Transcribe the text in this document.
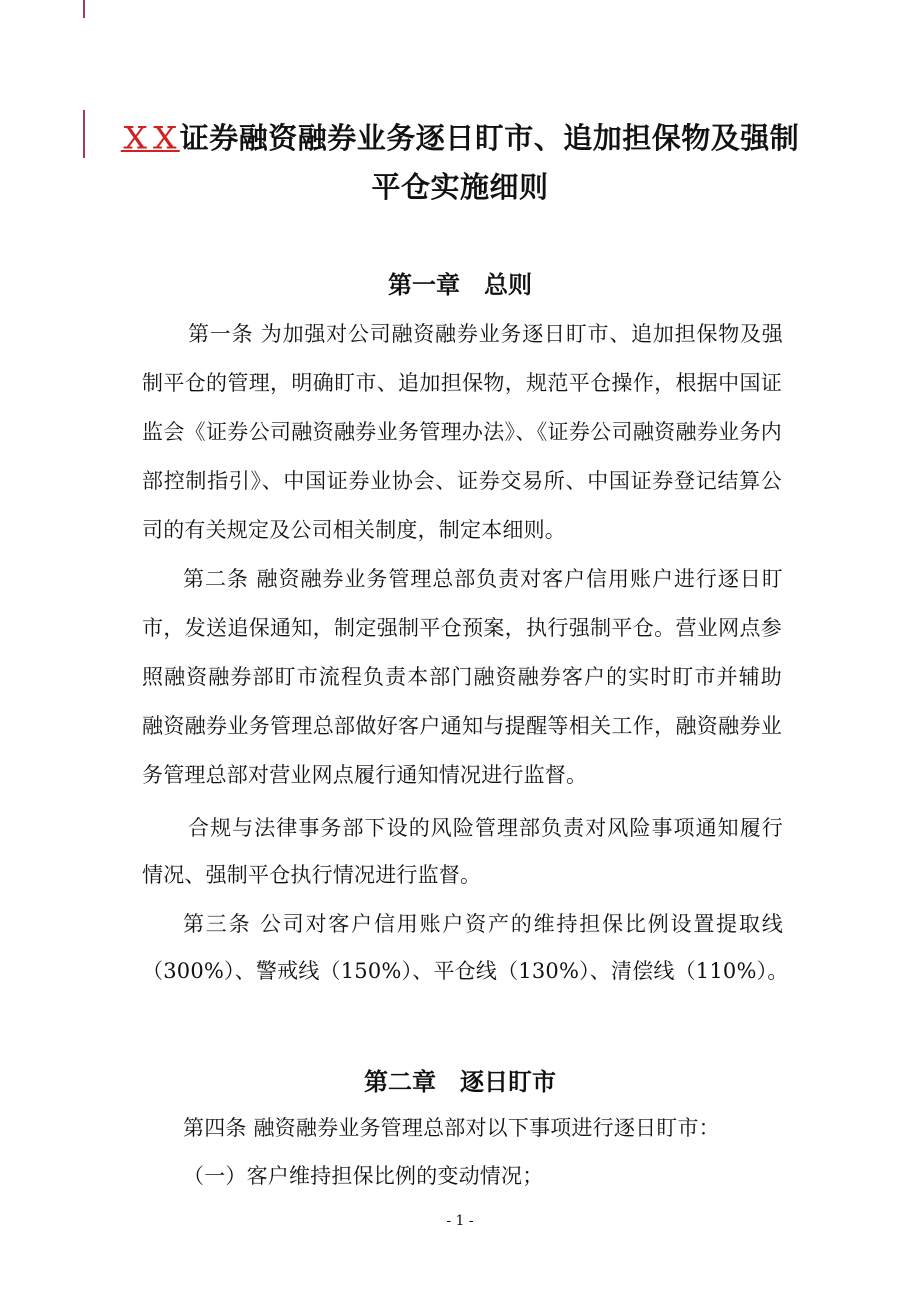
ＸＸ证券融资融券业务逐日盯市、追加担保物及强制
平仓实施细则
第一章　总则
第一条 为加强对公司融资融券业务逐日盯市、追加担保物及强
制平仓的管理，明确盯市、追加担保物，规范平仓操作，根据中国证
监会《证券公司融资融券业务管理办法》、《证券公司融资融券业务内
部控制指引》、中国证券业协会、证券交易所、中国证券登记结算公
司的有关规定及公司相关制度，制定本细则。
第二条 融资融券业务管理总部负责对客户信用账户进行逐日盯
市，发送追保通知，制定强制平仓预案，执行强制平仓。营业网点参
照融资融券部盯市流程负责本部门融资融券客户的实时盯市并辅助
融资融券业务管理总部做好客户通知与提醒等相关工作，融资融券业
务管理总部对营业网点履行通知情况进行监督。
合规与法律事务部下设的风险管理部负责对风险事项通知履行
情况、强制平仓执行情况进行监督。
第三条 公司对客户信用账户资产的维持担保比例设置提取线
（300%）、警戒线（150%）、平仓线（130%）、清偿线（110%）。
第二章　逐日盯市
第四条 融资融券业务管理总部对以下事项进行逐日盯市：
（一）客户维持担保比例的变动情况；
- 1 -
